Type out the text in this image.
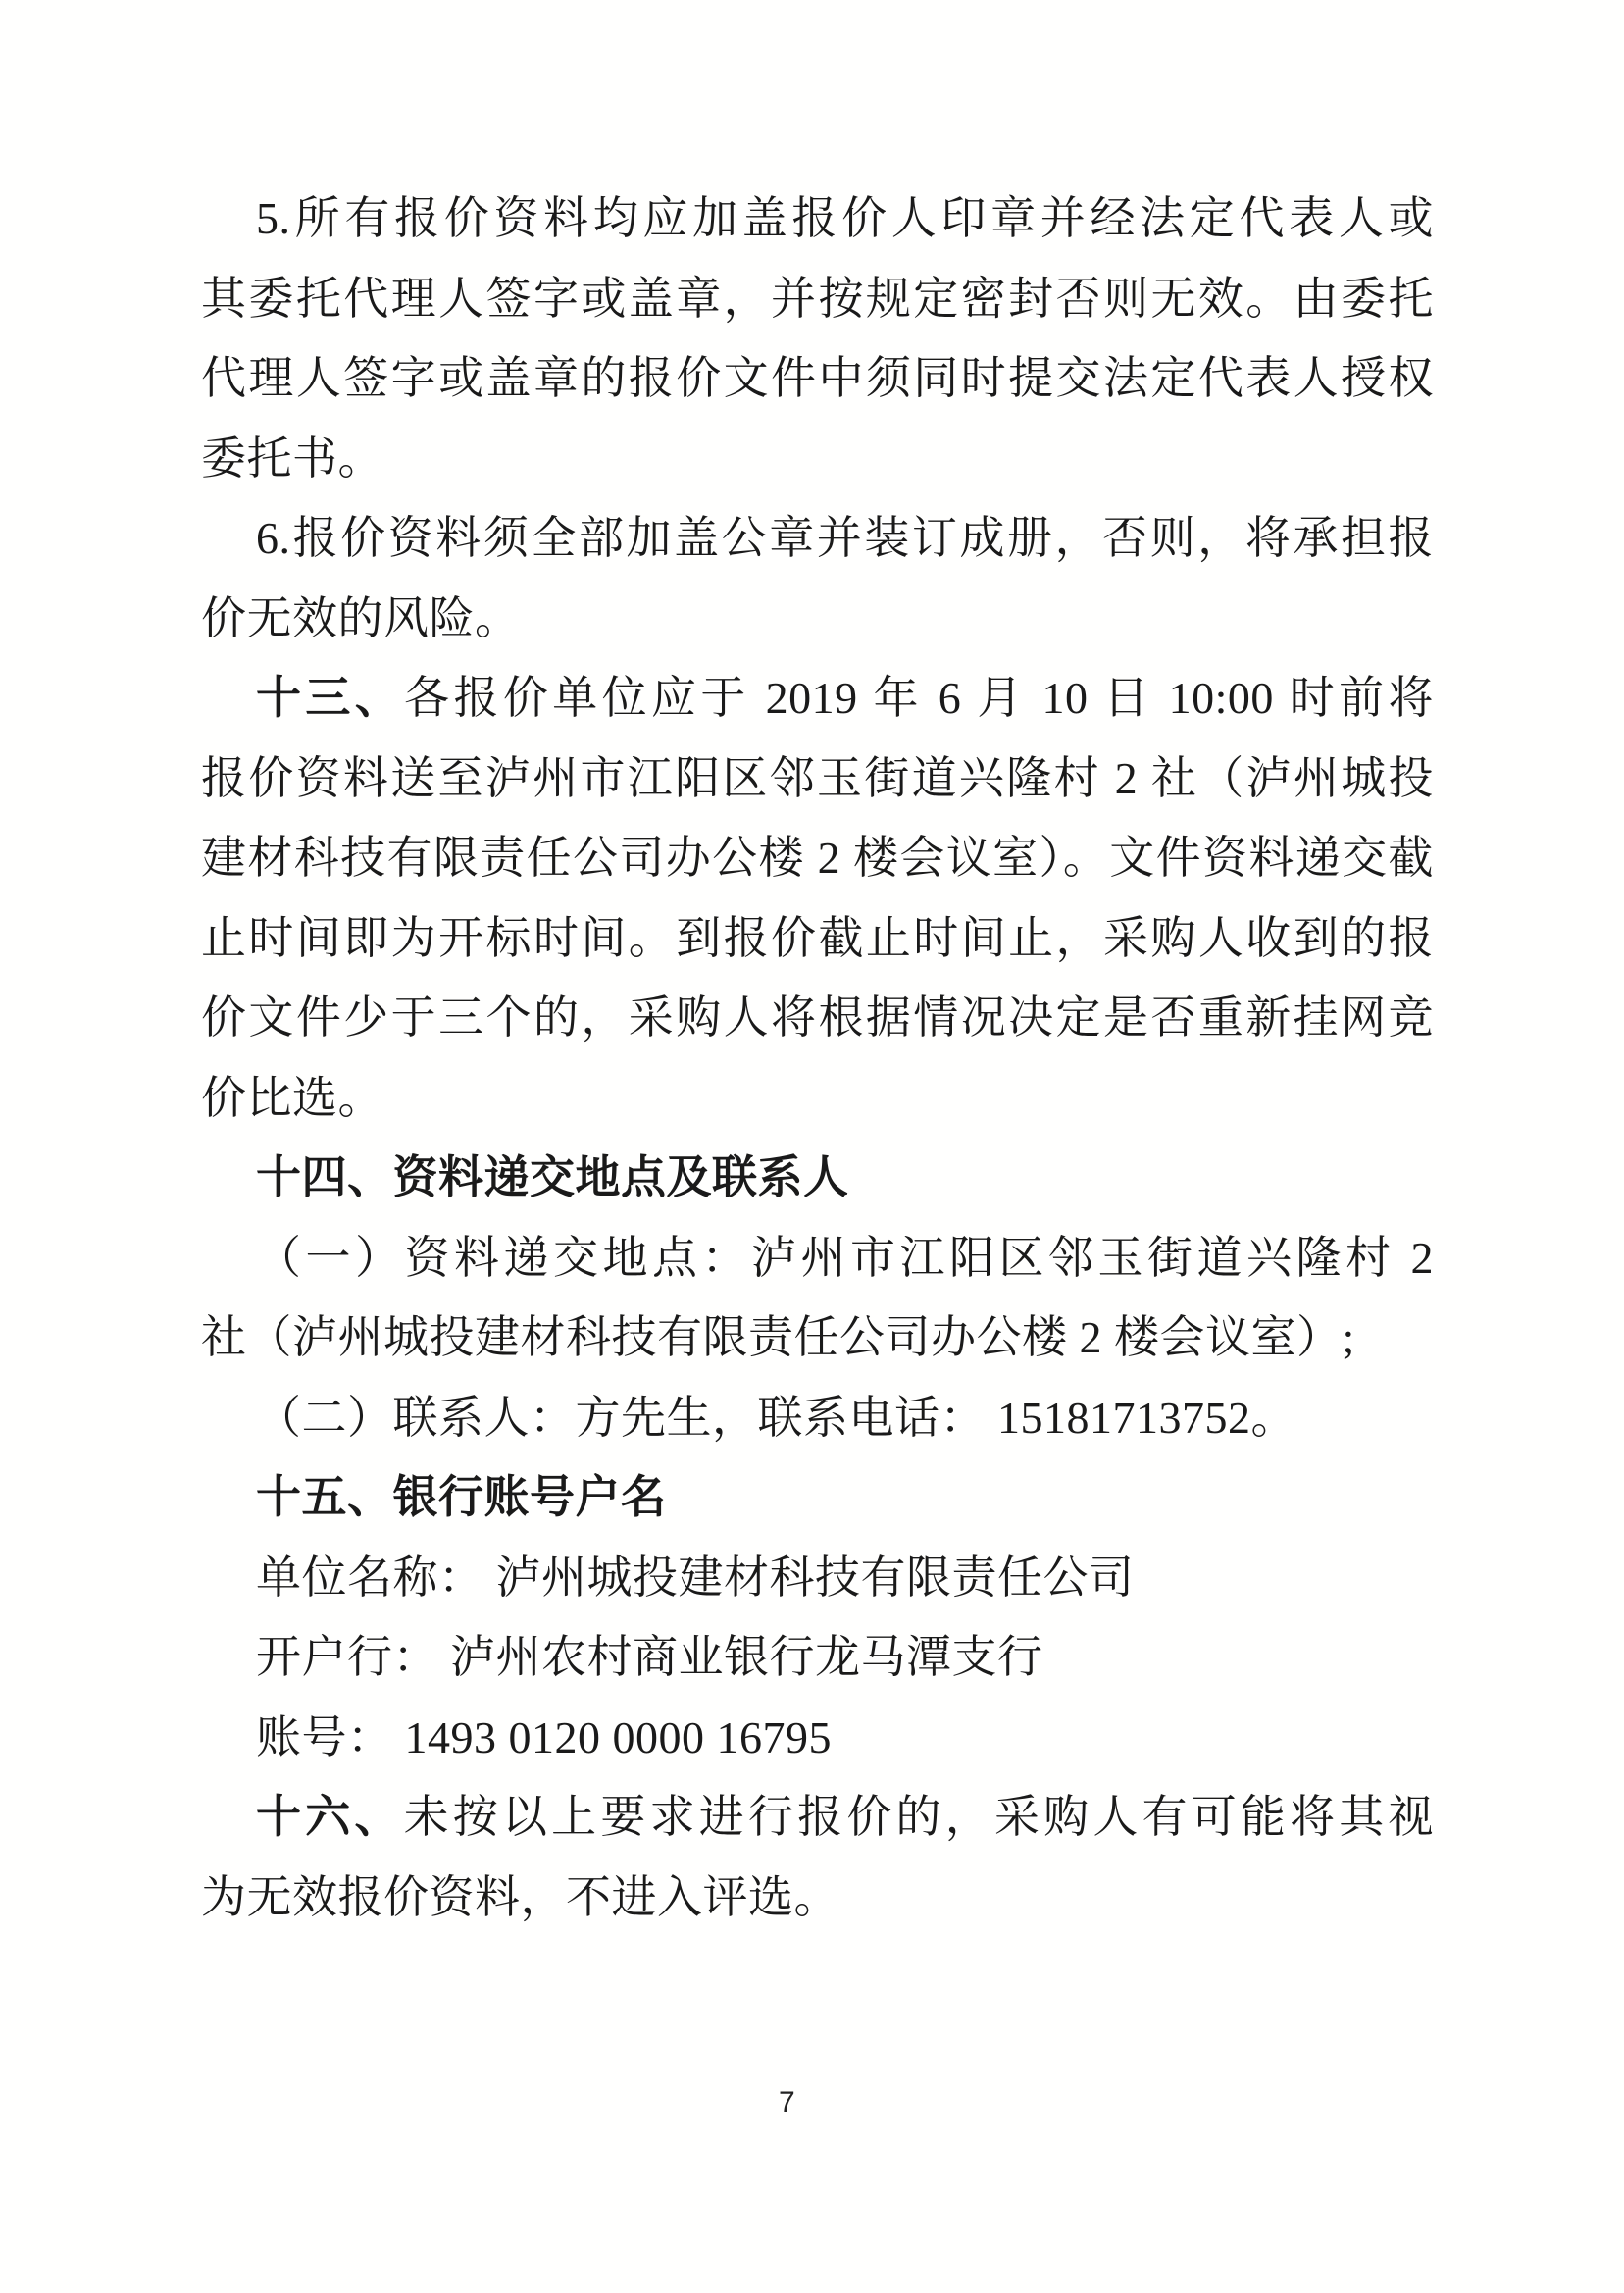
5.所有报价资料均应加盖报价人印章并经法定代表人或
其委托代理人签字或盖章，并按规定密封否则无效。由委托
代理人签字或盖章的报价文件中须同时提交法定代表人授权
委托书。
6.报价资料须全部加盖公章并装订成册，否则，将承担报
价无效的风险。
十三、各报价单位应于 2019 年 6 月 10 日 10:00 时前将
报价资料送至泸州市江阳区邻玉街道兴隆村 2 社（泸州城投
建材科技有限责任公司办公楼 2 楼会议室）。文件资料递交截
止时间即为开标时间。到报价截止时间止，采购人收到的报
价文件少于三个的，采购人将根据情况决定是否重新挂网竞
价比选。
十四、资料递交地点及联系人
（一）资料递交地点：泸州市江阳区邻玉街道兴隆村 2
社（泸州城投建材科技有限责任公司办公楼 2 楼会议室）;
（二）联系人：方先生，联系电话： 15181713752。
十五、银行账号户名
单位名称： 泸州城投建材科技有限责任公司
开户行： 泸州农村商业银行龙马潭支行
账号： 1493 0120 0000 16795
十六、未按以上要求进行报价的，采购人有可能将其视
为无效报价资料，不进入评选。
7
